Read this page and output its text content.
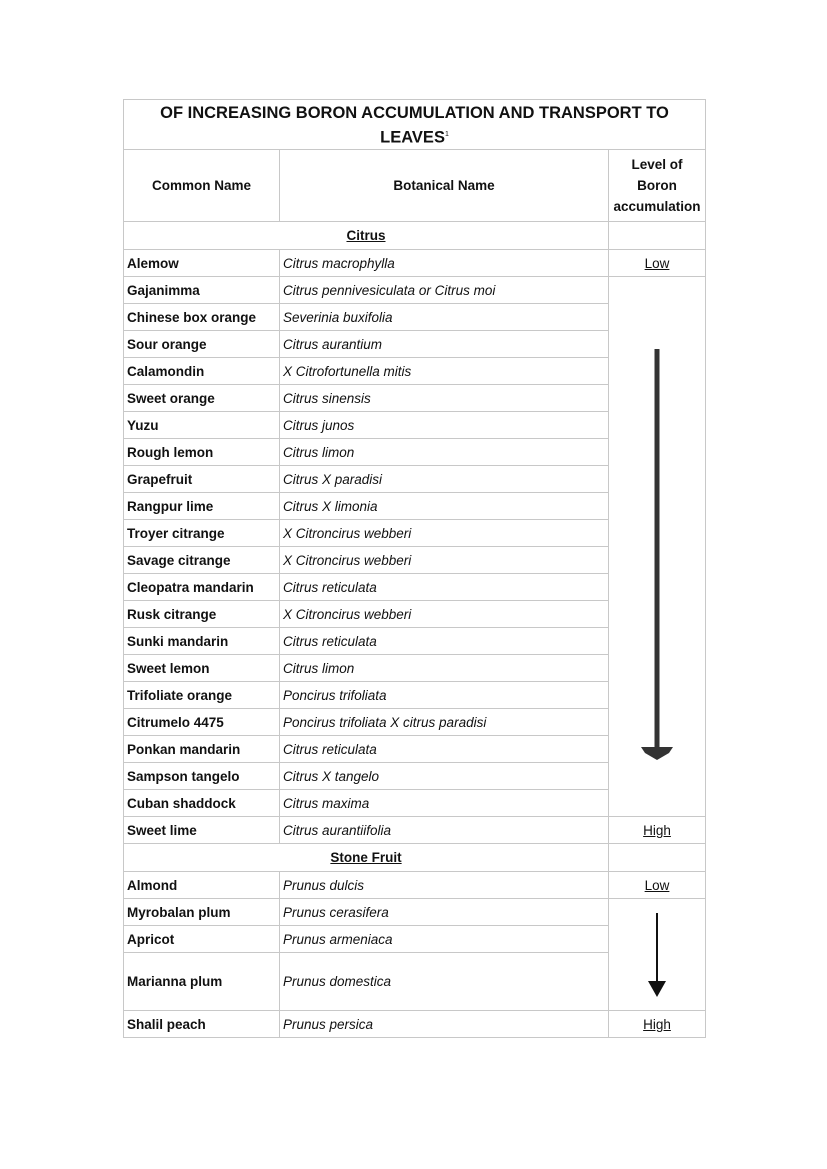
OF INCREASING BORON ACCUMULATION AND TRANSPORT TO LEAVES$^1$
Common Name	Botanical Name	Level of
Boron
accumulation

Citrus		
Alemow	Citrus macrophylla	Low
Gajanimma	Citrus pennivesiculata or Citrus moi	

Chinese box orange	Severinia buxifolia	
Sour orange	Citrus aurantium	
Calamondin	X Citrofortunella mitis	
Sweet orange	Citrus sinensis	
Yuzu	Citrus junos	
Rough lemon	Citrus limon	
Grapefruit	Citrus X paradisi	
Rangpur lime	Citrus X limonia	
Troyer citrange	X Citroncirus webberi	
Savage citrange	X Citroncirus webberi	
Cleopatra mandarin	Citrus reticulata	
Rusk citrange	X Citroncirus webberi	
Sunki mandarin	Citrus reticulata	
Sweet lemon	Citrus limon	
Trifoliate orange	Poncirus trifoliata	
Citrumelo 4475	Poncirus trifoliata X citrus paradisi	
Ponkan mandarin	Citrus reticulata	
Sampson tangelo	Citrus X tangelo	
Cuban shaddock	Citrus maxima	
Sweet lime	Citrus aurantiifolia	High
Stone Fruit		
Almond	Prunus dulcis	Low
Myrobalan plum	Prunus cerasifera	

Apricot	Prunus armeniaca	
Marianna plum	Prunus domestica	
Shalil peach	Prunus persica	High
